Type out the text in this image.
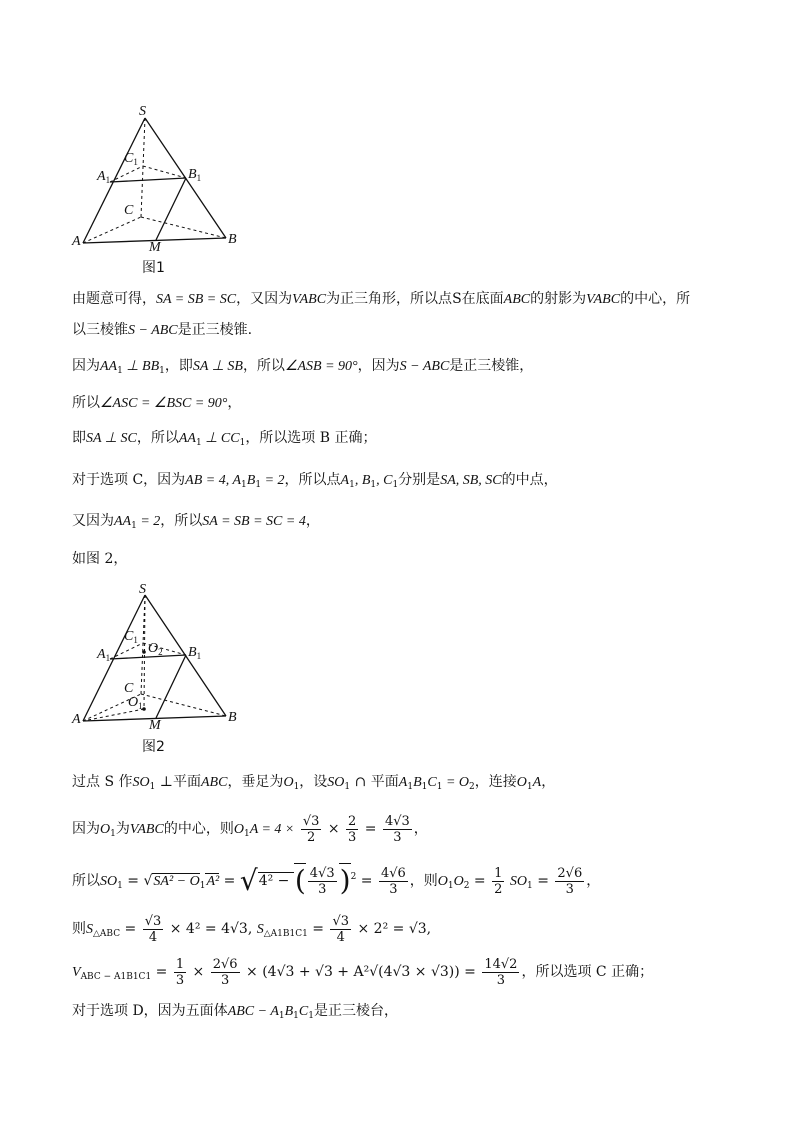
S
$C_1$
$A_1$	$B_1$
C
A	M
B
图1
由题意可得，SA = SB = SC，又因为VABC为正三角形，所以点S在底面ABC的射影为VABC的中心，所
以三棱锥S − ABC是正三棱锥.
因为$AA_1$ ⊥ $BB_1$，即SA ⊥ SB，所以∠ASB = 90°，因为S − ABC是正三棱锥，
所以∠ASC = ∠BSC = 90°，
即SA ⊥ SC，所以$AA_1$ ⊥ $CC_1$，所以选项 B 正确；
对于选项 C，因为AB = 4, $A_1B_1 = 2$，所以点$A_1$, $B_1$, $C_1$分别是SA, SB, SC的中点，
又因为$AA_1 = 2$，所以SA = SB = SC = 4，
如图 2，
S
$C_1$
$O_2$
$A_1$	$B_1$
C
$O_1$
A	M
B
图2
过点 S 作$SO_1$ ⊥平面ABC，垂足为$O_1$，设$SO_1$ ∩ 平面$A_1B_1C_1 = O_2$，连接$O_1A$，
因为$O_1$为VABC的中心，则$O_1A = 4 \times \frac{√3}{2} \times \frac{2}{3} = \frac{4√3}{3}$ ，
所以$SO_1 = √SA^2 - O_1A^2 = √4^2$ − ( $\frac{4√3}{3} )^2 = \frac{4√6}{3}$ ，则$O_1O_2 = \frac{1}{2} SO_1 = \frac{2√6}{3}$ ，
则$S_{\triangle ABC} = \frac{√3}{4} \times 4^2 = 4√3$, $S_{\triangle A1B1C1} = \frac{√3}{4} \times 2^2 = √3$,
$V_{ABC - A1B1C1} = \frac{1}{3} \times \frac{2√6}{3} \times (4√3 + √3 + A^2√(4√3 \times √3)) = \frac{14√2}{3}$ ，所以选项 C 正确；
对于选项 D，因为五面体ABC − $A_1B_1C_1$是正三棱台，
